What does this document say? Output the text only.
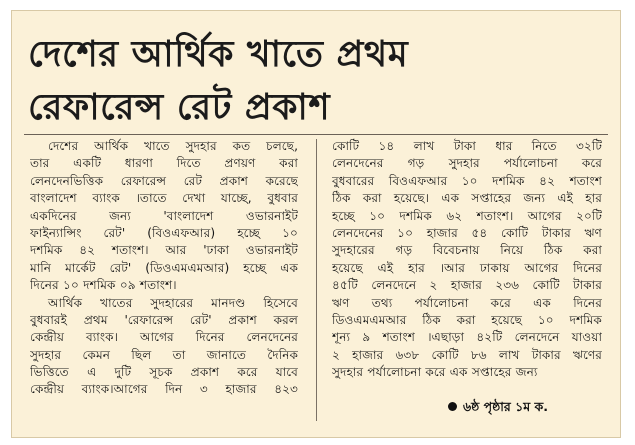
দেশের আর্থিক খাতে প্রথম
রেফারেন্স রেট প্রকাশ
দেশের আর্থিক খাতে সুদহার কত চলছে,
তার একটি ধারণা দিতে প্রণয়ণ করা
লেনদেনভিত্তিক রেফারেন্স রেট প্রকাশ করেছে
বাংলাদেশ ব্যাংক ।তাতে দেখা যাচ্ছে, বুধবার
একদিনের	জন্য	'বাংলাদেশ	ওভারনাইট
ফাইন্যান্সিং রেট' (বিওএফআর) হচ্ছে ১০
দশমিক ৪২ শতাংশ। আর 'ঢাকা ওভারনাইট
মানি মার্কেট রেট' (ডিওএমএমআর) হচ্ছে এক
দিনের ১০ দশমিক ০৯ শতাংশ।
আর্থিক খাতের সুদহারের মানদণ্ড হিসেবে
বুধবারই প্রথম 'রেফারেন্স রেট' প্রকাশ করল
কেন্দ্রীয় ব্যাংক। আগের দিনের লেনদেনের
সুদহার কেমন ছিল তা জানাতে দৈনিক
ভিত্তিতে এ দুটি সূচক প্রকাশ করে যাবে
কেন্দ্রীয় ব্যাংক।আগের দিন ৩ হাজার ৪২৩
কোটি ১৪ লাখ টাকা ধার নিতে ৩২টি
লেনদেনের গড় সুদহার পর্যালোচনা করে
বুধবারের বিওএফআর ১০ দশমিক ৪২ শতাংশ
ঠিক করা হয়েছে। এক সপ্তাহের জন্য এই হার
হচ্ছে ১০ দশমিক ৬২ শতাংশ। আগের ২০টি
লেনদেনের ১০ হাজার ৫৪ কোটি টাকার ঋণ
সুদহারের গড় বিবেচনায় নিয়ে ঠিক করা
হয়েছে এই হার ।আর ঢাকায় আগের দিনের
৪৫টি লেনদেনে ২ হাজার ২৩৬ কোটি টাকার
ঋণ তথ্য পর্যালোচনা করে এক দিনের
ডিওএমএমআর ঠিক করা হয়েছে ১০ দশমিক
শূন্য ৯ শতাংশ ।এছাড়া ৪২টি লেনদেনে যাওয়া
২ হাজার ৬৩৮ কোটি ৮৬ লাখ টাকার ঋণের
সুদহার পর্যালোচনা করে এক সপ্তাহের জন্য
৬ষ্ঠ পৃষ্ঠার ১ম ক.
